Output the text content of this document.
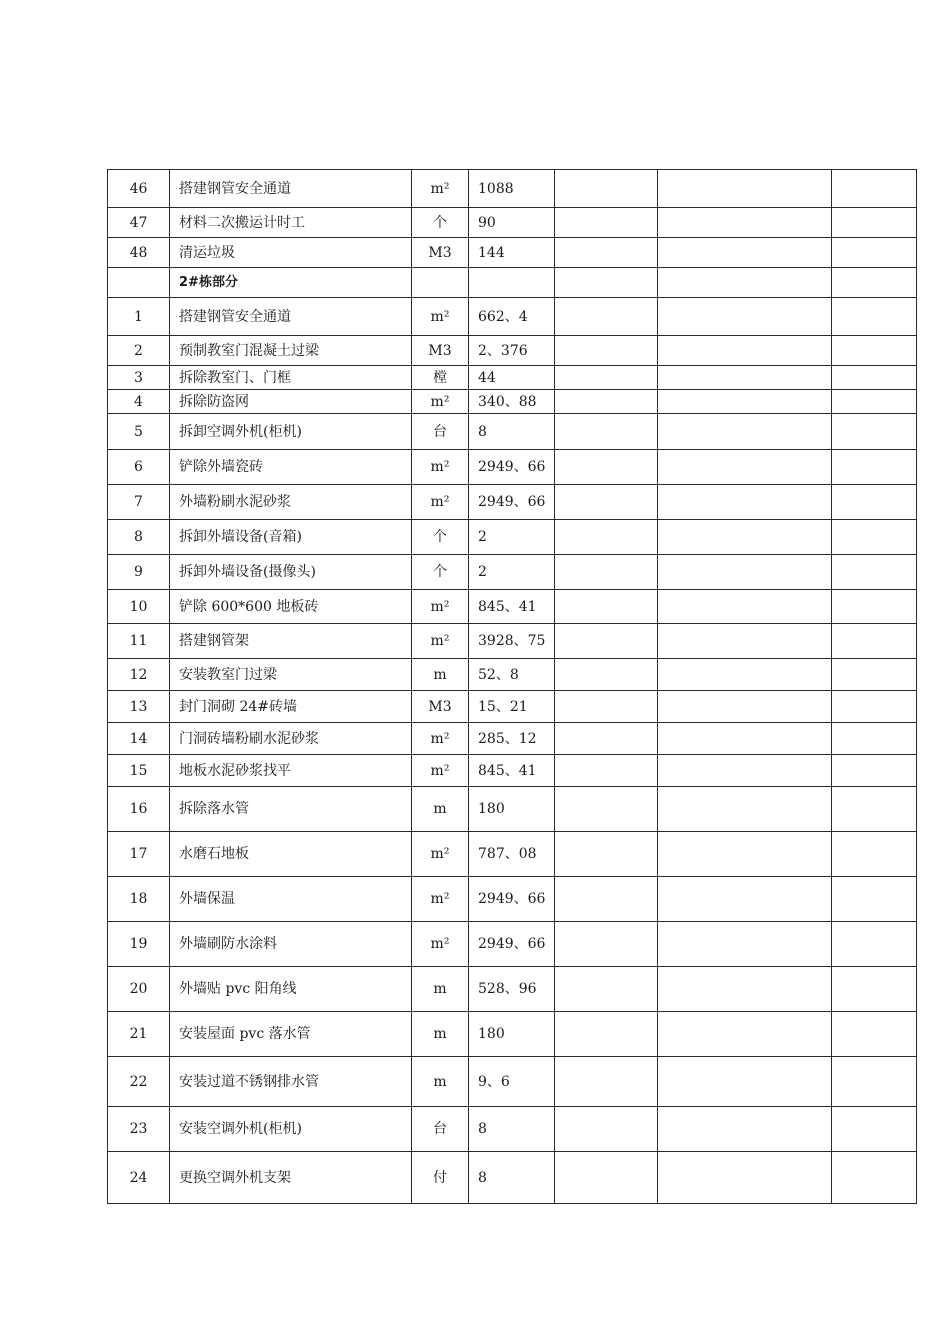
46	搭建钢管安全通道	m²	1088			
47	材料二次搬运计时工	个	90			
48	清运垃圾	M3	144			
	2#栋部分					
1	搭建钢管安全通道	m²	662、4			
2	预制教室门混凝土过梁	M3	2、376			
3	拆除教室门、门框	樘	44			
4	拆除防盗网	m²	340、88			
5	拆卸空调外机(柜机)	台	8			
6	铲除外墙瓷砖	m²	2949、66			
7	外墙粉刷水泥砂浆	m²	2949、66			
8	拆卸外墙设备(音箱)	个	2			
9	拆卸外墙设备(摄像头)	个	2			
10	铲除 600*600 地板砖	m²	845、41			
11	搭建钢管架	m²	3928、75			
12	安装教室门过梁	m	52、8			
13	封门洞砌 24#砖墙	M3	15、21			
14	门洞砖墙粉刷水泥砂浆	m²	285、12			
15	地板水泥砂浆找平	m²	845、41			
16	拆除落水管	m	180			
17	水磨石地板	m²	787、08			
18	外墙保温	m²	2949、66			
19	外墙刷防水涂料	m²	2949、66			
20	外墙贴 pvc 阳角线	m	528、96			
21	安装屋面 pvc 落水管	m	180			
22	安装过道不锈钢排水管	m	9、6			
23	安装空调外机(柜机)	台	8			
24	更换空调外机支架	付	8			
